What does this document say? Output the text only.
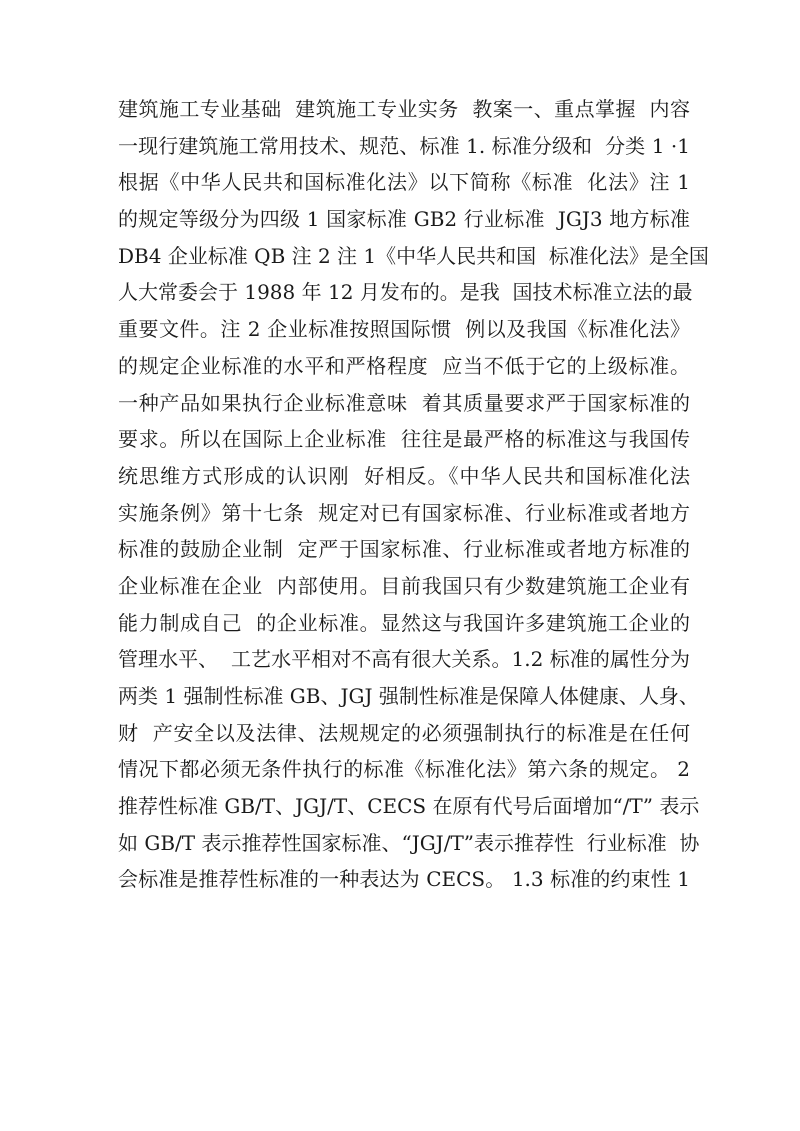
建筑施工专业基础  建筑施工专业实务  教案一、重点掌握  内容
一现行建筑施工常用技术、规范、标准 1. 标准分级和  分类 1 ·1
根据《中华人民共和国标准化法》以下简称《标准  化法》注 1
的规定等级分为四级 1 国家标准 GB2 行业标准  JGJ3 地方标准
DB4 企业标准 QB 注 2 注 1《中华人民共和国  标准化法》是全国
人大常委会于 1988 年 12 月发布的。是我  国技术标准立法的最
重要文件。注 2 企业标准按照国际惯  例以及我国《标准化法》
的规定企业标准的水平和严格程度  应当不低于它的上级标准。
一种产品如果执行企业标准意味  着其质量要求严于国家标准的
要求。所以在国际上企业标准  往往是最严格的标准这与我国传
统思维方式形成的认识刚  好相反。《中华人民共和国标准化法
实施条例》第十七条  规定对已有国家标准、行业标准或者地方
标准的鼓励企业制  定严于国家标准、行业标准或者地方标准的
企业标准在企业  内部使用。目前我国只有少数建筑施工企业有
能力制成自己  的企业标准。显然这与我国许多建筑施工企业的
管理水平、  工艺水平相对不高有很大关系。1.2 标准的属性分为
两类 1 强制性标准 GB、JGJ 强制性标准是保障人体健康、人身、
财  产安全以及法律、法规规定的必须强制执行的标准是在任何
情况下都必须无条件执行的标准《标准化法》第六条的规定。 2
推荐性标准 GB/T、JGJ/T、CECS 在原有代号后面增加“/T” 表示
如 GB/T 表示推荐性国家标准、“JGJ/T”表示推荐性  行业标准  协
会标准是推荐性标准的一种表达为 CECS。 1.3 标准的约束性 1
